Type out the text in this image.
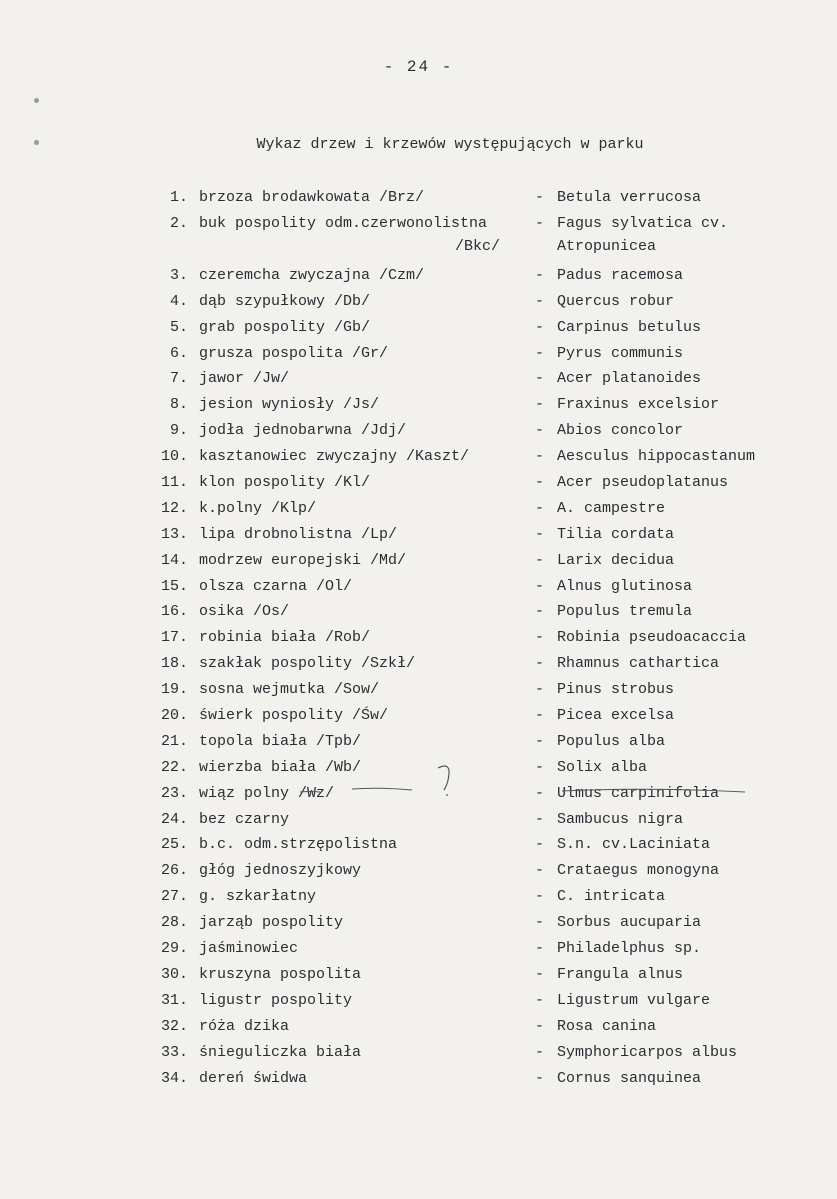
- 24 -
Wykaz drzew i krzewów występujących w parku
1. brzoza brodawkowata /Brz/	- Betula verrucosa
2. buk pospolity odm.czerwonolistna	- Fagus sylvatica cv.
/Bkc/	Atropunicea
3. czeremcha zwyczajna /Czm/	- Padus racemosa
4. dąb szypułkowy /Db/	- Quercus robur
5. grab pospolity /Gb/	- Carpinus betulus
6. grusza pospolita /Gr/	- Pyrus communis
7. jawor /Jw/	- Acer platanoides
8. jesion wyniosły /Js/	- Fraxinus excelsior
9. jodła jednobarwna /Jdj/	- Abios concolor
10. kasztanowiec zwyczajny /Kaszt/	- Aesculus hippocastanum
11. klon pospolity /Kl/	- Acer pseudoplatanus
12. k.polny /Klp/	- A. campestre
13. lipa drobnolistna /Lp/	- Tilia cordata
14. modrzew europejski /Md/	- Larix decidua
15. olsza czarna /Ol/	- Alnus glutinosa
16. osika /Os/	- Populus tremula
17. robinia biała /Rob/	- Robinia pseudoacaccia
18. szakłak pospolity /Szkł/	- Rhamnus cathartica
19. sosna wejmutka /Sow/	- Pinus strobus
20. świerk pospolity /Św/	- Picea excelsa
21. topola biała /Tpb/	- Populus alba
22. wierzba biała /Wb/	- Solix alba
23. wiąz polny /Wz/	- Ulmus carpinifolia
24. bez czarny	- Sambucus nigra
25. b.c. odm.strzępolistna	- S.n. cv.Laciniata
26. głóg jednoszyjkowy	- Crataegus monogyna
27. g. szkarłatny	- C. intricata
28. jarząb pospolity	- Sorbus aucuparia
29. jaśminowiec	- Philadelphus sp.
30. kruszyna pospolita	- Frangula alnus
31. ligustr pospolity	- Ligustrum vulgare
32. róża dzika	- Rosa canina
33. śnieguliczka biała	- Symphoricarpos albus
34. dereń świdwa	- Cornus sanquinea
